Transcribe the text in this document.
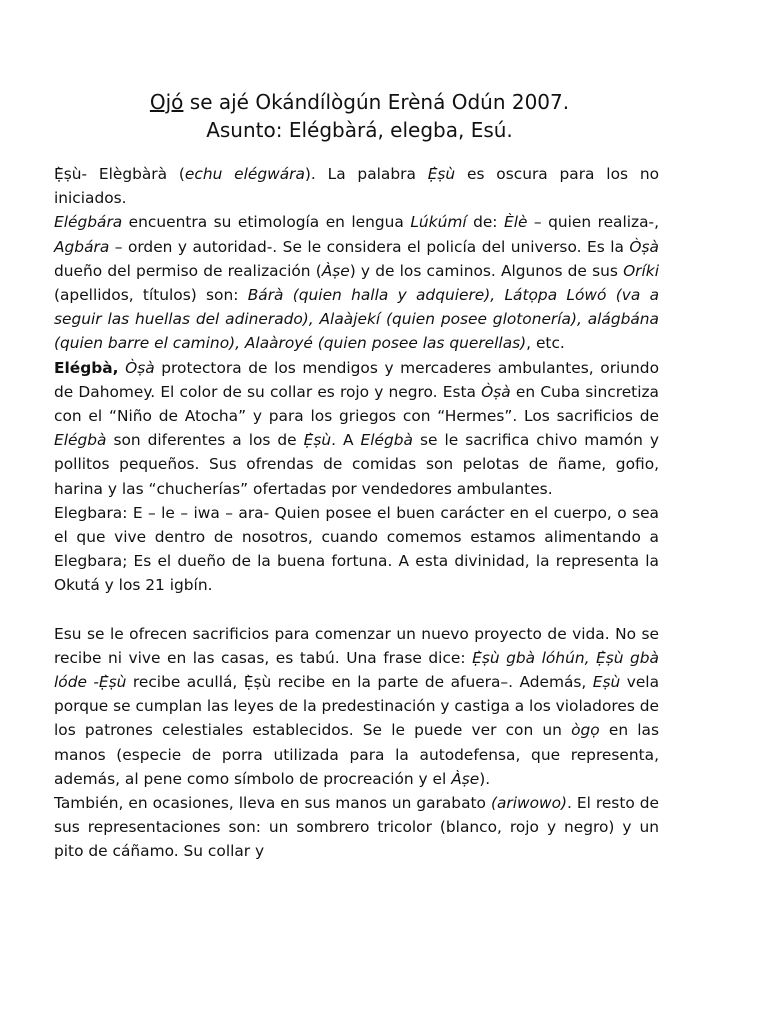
Ojó se ajé Okándílògún Erèná Odún 2007.
Asunto: Elégbàrá, elegba, Esú.

Ẹ̀ṣù- Elègbàrà (echu elégwára). La palabra Ẹ̀ṣù es oscura para los no iniciados.

Elégbára encuentra su etimología en lengua Lúkúmí de: Èlè – quien realiza-, Agbára – orden y autoridad-. Se le considera el policía del universo. Es la Òṣà dueño del permiso de realización (Àṣe) y de los caminos. Algunos de sus Oríki (apellidos, títulos) son: Bárà (quien halla y adquiere), Látọpa Lówó (va a seguir las huellas del adinerado), Alaàjekí (quien posee glotonería), alágbána (quien barre el camino), Alaàroyé (quien posee las querellas), etc.

Elégbà, Òṣà protectora de los mendigos y mercaderes ambulantes, oriundo de Dahomey. El color de su collar es rojo y negro. Esta Òṣà en Cuba sincretiza con el “Niño de Atocha” y para los griegos con “Hermes”. Los sacrificios de Elégbà son diferentes a los de Ẹ̀ṣù. A Elégbà se le sacrifica chivo mamón y pollitos pequeños. Sus ofrendas de comidas son pelotas de ñame, gofio, harina y las “chucherías” ofertadas por vendedores ambulantes.

Elegbara: E – le – iwa – ara- Quien posee el buen carácter en el cuerpo, o sea el que vive dentro de nosotros, cuando comemos estamos alimentando a Elegbara; Es el dueño de la buena fortuna. A esta divinidad, la representa la Okutá y los 21 igbín.

Esu se le ofrecen sacrificios para comenzar un nuevo proyecto de vida. No se recibe ni vive en las casas, es tabú. Una frase dice: Ẹ̀ṣù gbà lóhún, Ẹ̀ṣù gbà lóde -Ẹ̀ṣù recibe acullá, Ẹ̀ṣù recibe en la parte de afuera–. Además, Eṣù vela porque se cumplan las leyes de la predestinación y castiga a los violadores de los patrones celestiales establecidos. Se le puede ver con un ògọ en las manos (especie de porra utilizada para la autodefensa, que representa, además, al pene como símbolo de procreación y el Àṣe).

También, en ocasiones, lleva en sus manos un garabato (ariwowo). El resto de sus representaciones son: un sombrero tricolor (blanco, rojo y negro) y un pito de cáñamo. Su collar y
